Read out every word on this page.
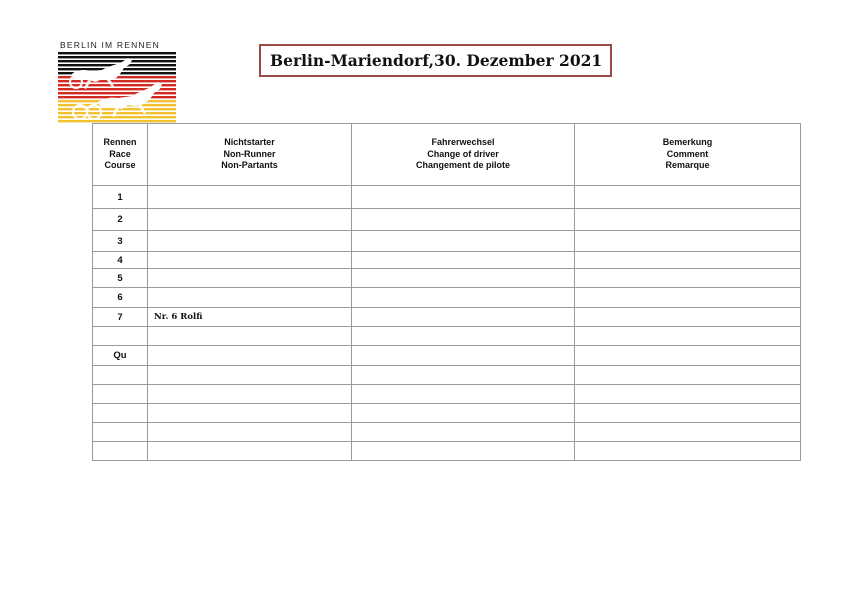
BERLIN IM RENNEN
Berlin-Mariendorf,30. Dezember 2021
Rennen
Race
Course	Nichtstarter
Non-Runner
Non-Partants	Fahrerwechsel
Change of driver
Changement de pilote	Bemerkung
Comment
Remarque

1			
2			
3			
4			
5			
6			
7	Nr. 6 Rolfi		

Qu			
